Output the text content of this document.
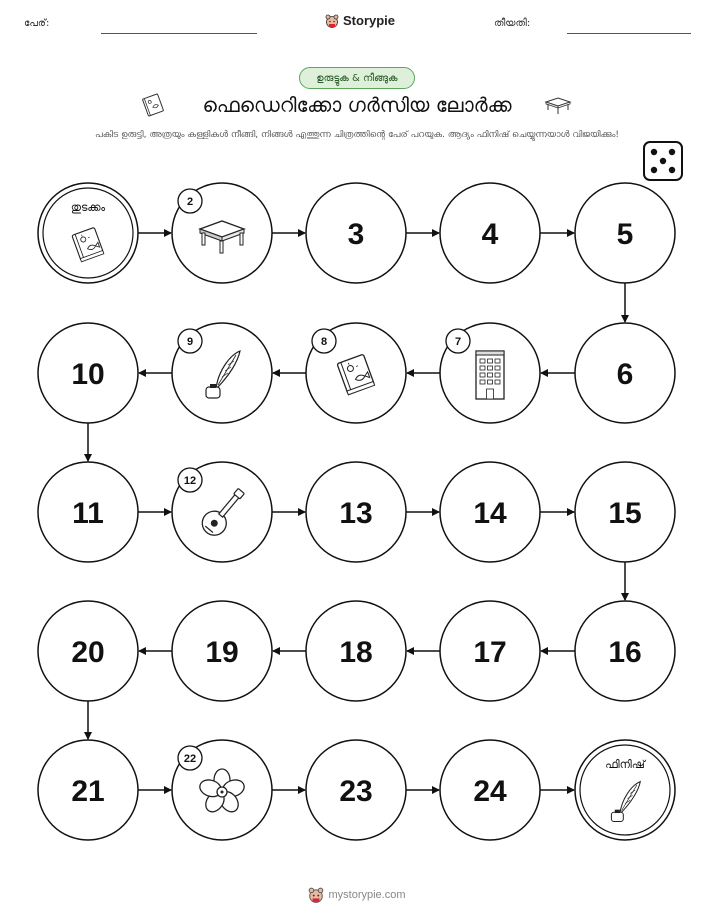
പേര്:	Storypie	തീയതി:
ഉരുട്ടുക & നീങ്ങുക
ഫെഡെറിക്കോ ഗർസിയ ലോർക്ക
പകിട ഉരുട്ടി, അത്രയും കള്ളികൾ നീങ്ങി, നിങ്ങൾ എത്തുന്ന ചിത്രത്തിന്റെ പേര് പറയുക. ആദ്യം ഫിനിഷ് ചെയ്യുന്നയാൾ വിജയിക്കും!
തുടക്കം	2
3	4	5
6
7
8
9
10
11
12
13	14	15
16
17
18
19
20
21
22
23	24
ഫിനിഷ്
mystorypie.com
